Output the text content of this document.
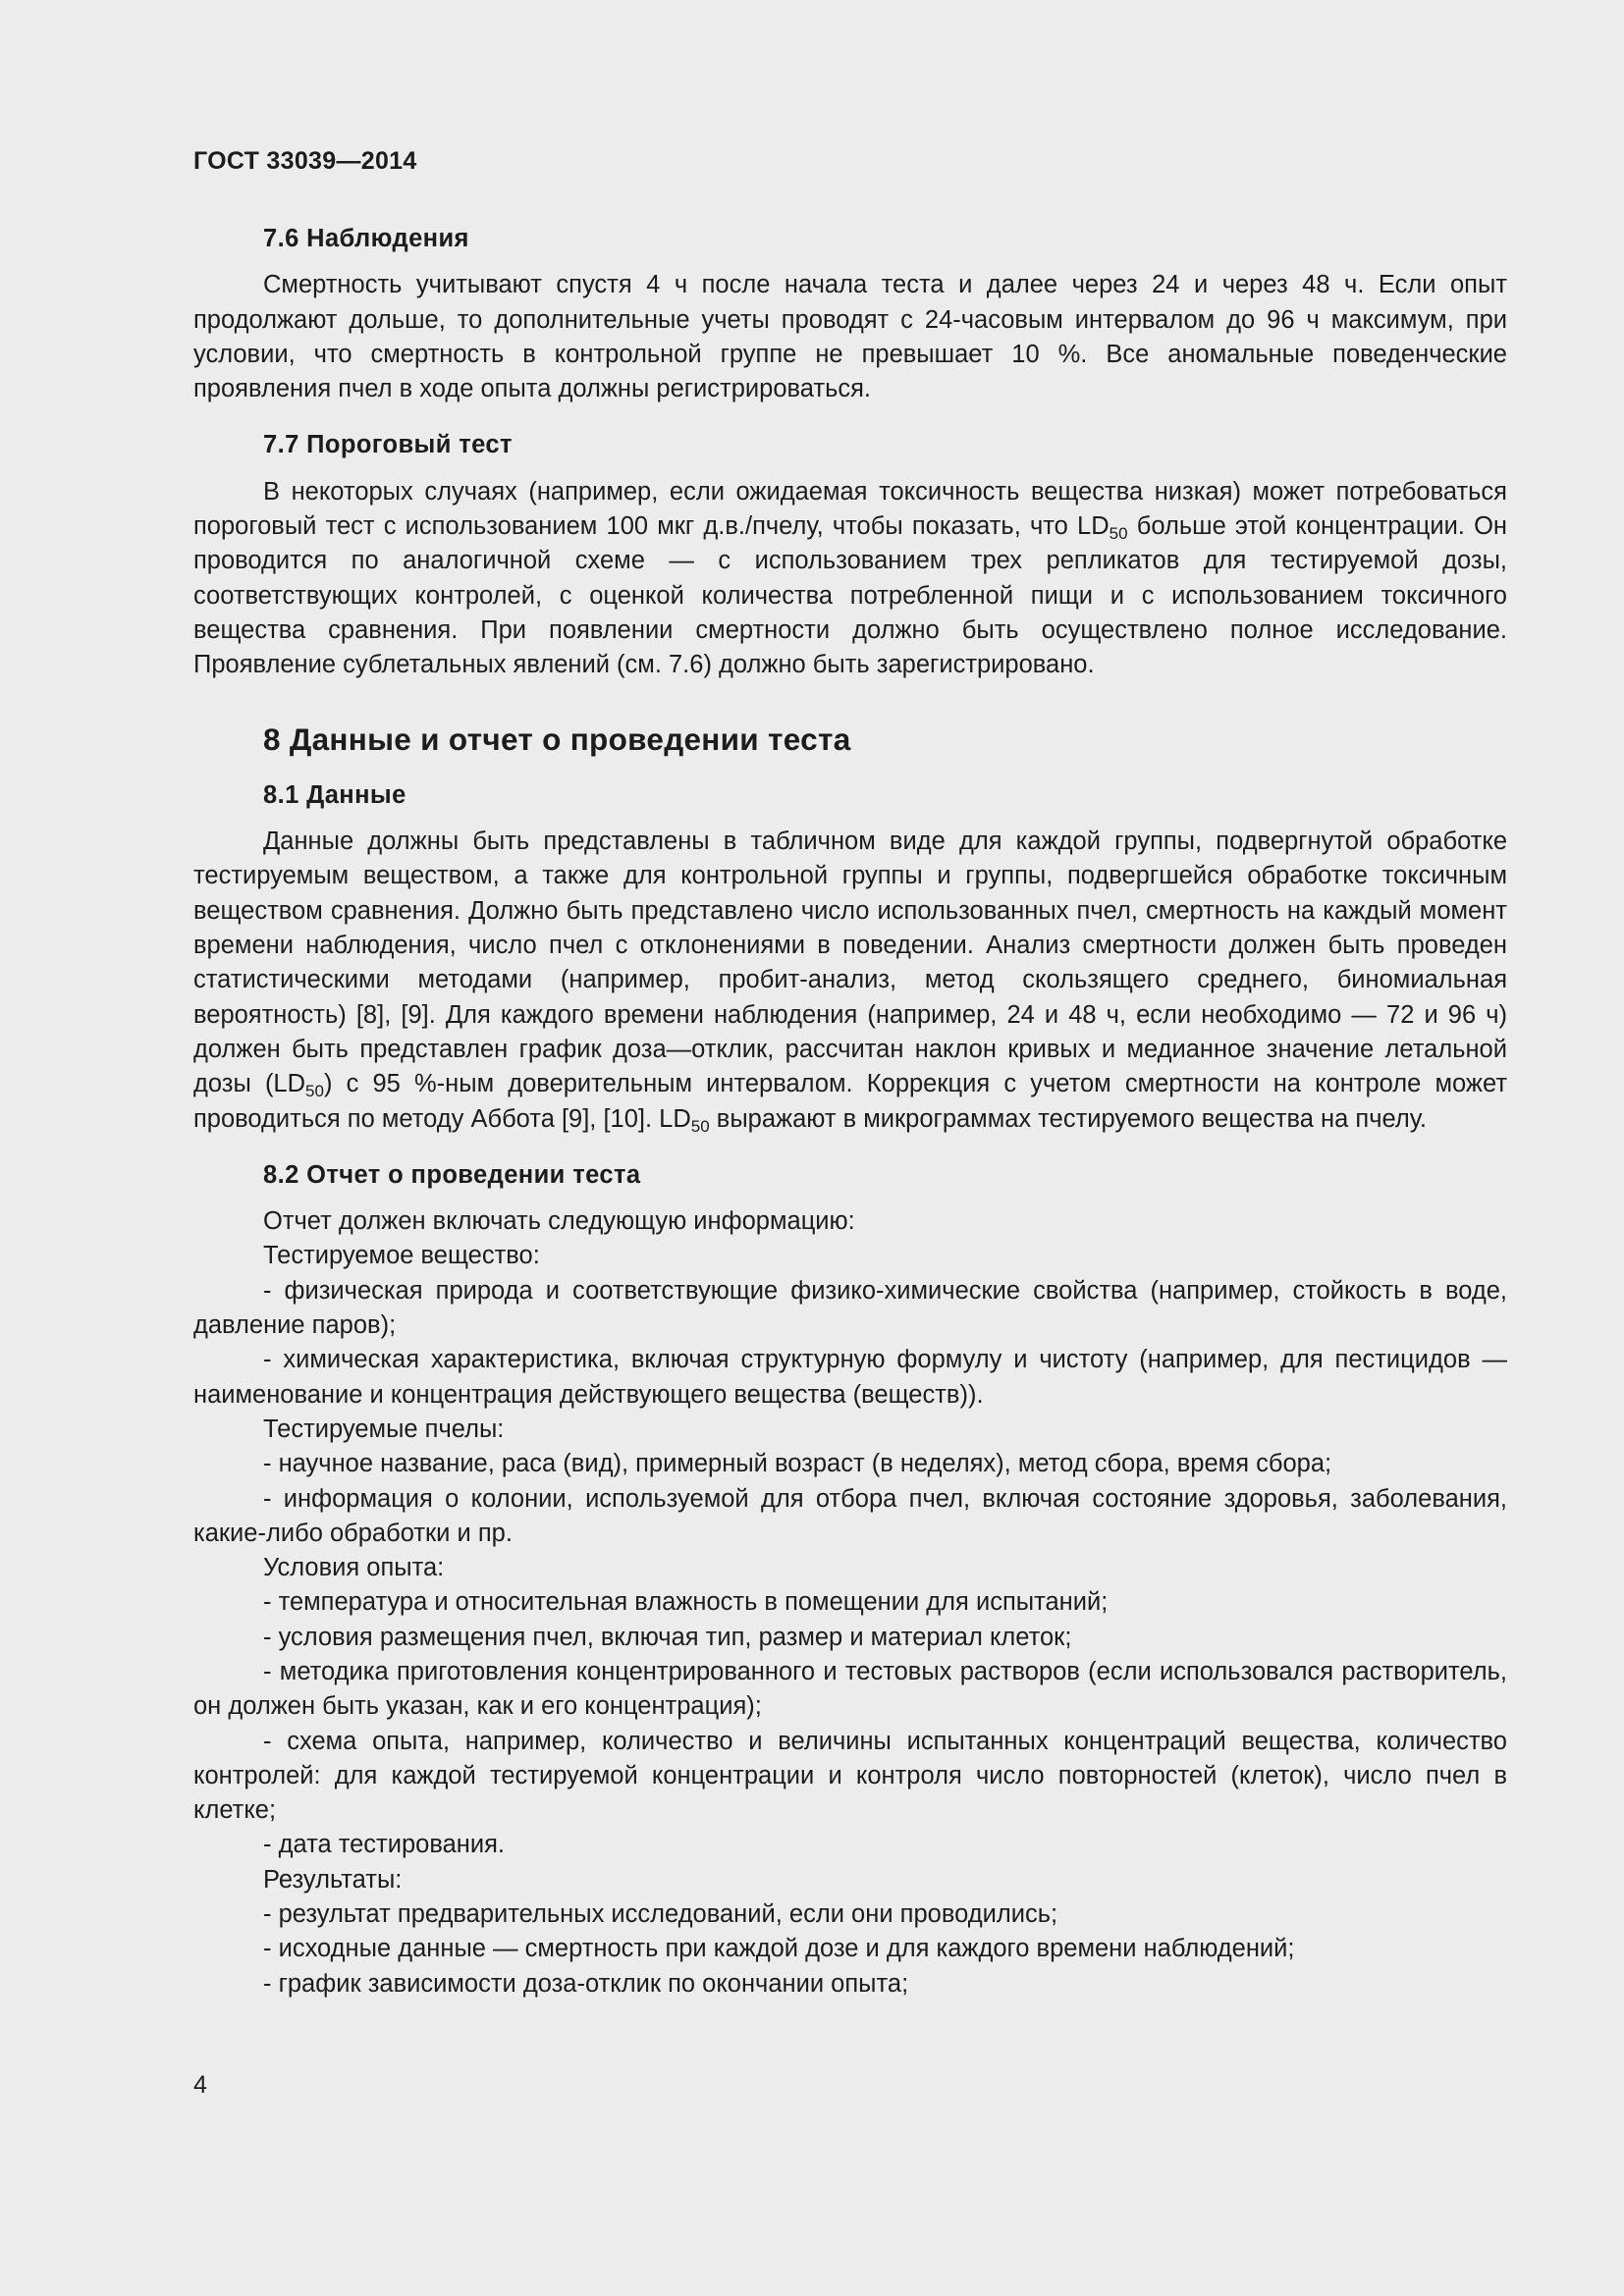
ГОСТ 33039—2014
7.6 Наблюдения

Смертность учитывают спустя 4 ч после начала теста и далее через 24 и через 48 ч. Если опыт продолжают дольше, то дополнительные учеты проводят с 24-часовым интервалом до 96 ч максимум, при условии, что смертность в контрольной группе не превышает 10 %. Все аномальные поведенческие проявления пчел в ходе опыта должны регистрироваться.

7.7 Пороговый тест

В некоторых случаях (например, если ожидаемая токсичность вещества низкая) может потребоваться пороговый тест с использованием 100 мкг д.в./пчелу, чтобы показать, что $LD_{50}$ больше этой концентрации. Он проводится по аналогичной схеме — с использованием трех репликатов для тестируемой дозы, соответствующих контролей, с оценкой количества потребленной пищи и с использованием токсичного вещества сравнения. При появлении смертности должно быть осуществлено полное исследование. Проявление сублетальных явлений (см. 7.6) должно быть зарегистрировано.

8 Данные и отчет о проведении теста
8.1 Данные

Данные должны быть представлены в табличном виде для каждой группы, подвергнутой обработке тестируемым веществом, а также для контрольной группы и группы, подвергшейся обработке токсичным веществом сравнения. Должно быть представлено число использованных пчел, смертность на каждый момент времени наблюдения, число пчел с отклонениями в поведении. Анализ смертности должен быть проведен статистическими методами (например, пробит-анализ, метод скользящего среднего, биномиальная вероятность) [8], [9]. Для каждого времени наблюдения (например, 24 и 48 ч, если необходимо — 72 и 96 ч) должен быть представлен график доза—отклик, рассчитан наклон кривых и медианное значение летальной дозы $(LD_{50})$ с 95 %-ным доверительным интервалом. Коррекция с учетом смертности на контроле может проводиться по методу Аббота [9], [10]. $LD_{50}$ выражают в микрограммах тестируемого вещества на пчелу.

8.2 Отчет о проведении теста

Отчет должен включать следующую информацию:

Тестируемое вещество:

- физическая природа и соответствующие физико-химические свойства (например, стойкость в воде, давление паров);

- химическая характеристика, включая структурную формулу и чистоту (например, для пестицидов — наименование и концентрация действующего вещества (веществ)).

Тестируемые пчелы:

- научное название, раса (вид), примерный возраст (в неделях), метод сбора, время сбора;

- информация о колонии, используемой для отбора пчел, включая состояние здоровья, заболевания, какие-либо обработки и пр.

Условия опыта:

- температура и относительная влажность в помещении для испытаний;

- условия размещения пчел, включая тип, размер и материал клеток;

- методика приготовления концентрированного и тестовых растворов (если использовался растворитель, он должен быть указан, как и его концентрация);

- схема опыта, например, количество и величины испытанных концентраций вещества, количество контролей: для каждой тестируемой концентрации и контроля число повторностей (клеток), число пчел в клетке;

- дата тестирования.

Результаты:

- результат предварительных исследований, если они проводились;

- исходные данные — смертность при каждой дозе и для каждого времени наблюдений;

- график зависимости доза-отклик по окончании опыта;

4
